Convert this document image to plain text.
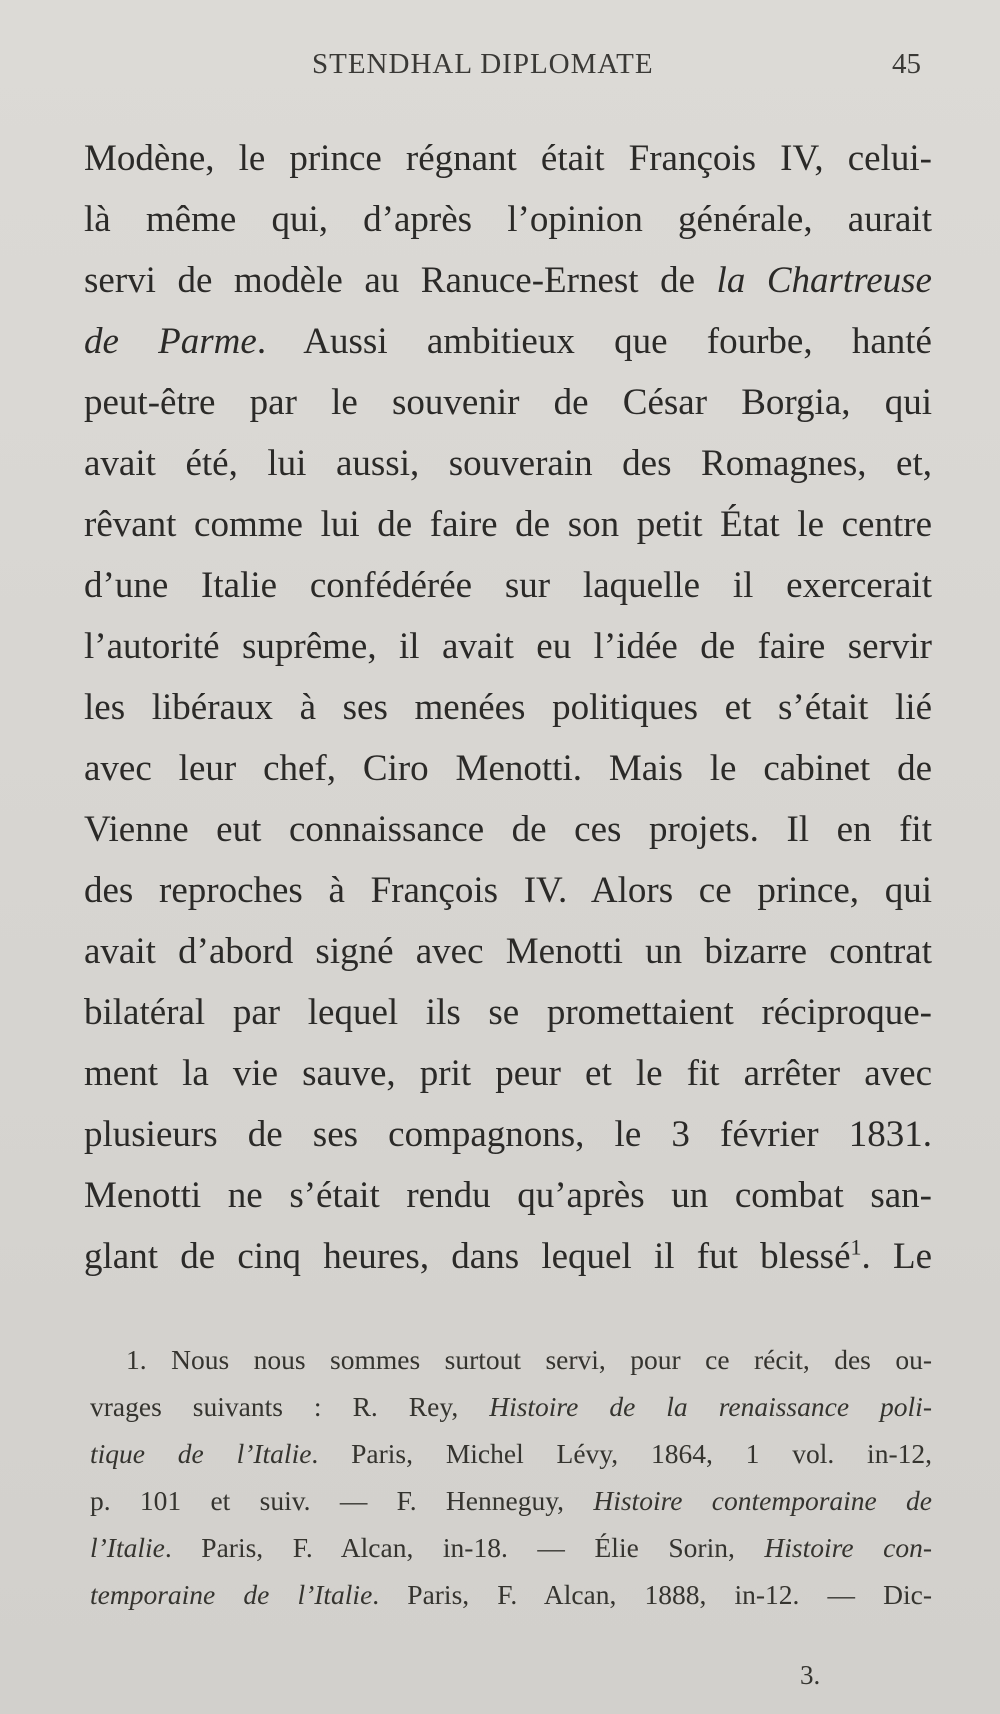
STENDHAL DIPLOMATE	45
Modène, le prince régnant était François IV, celui-
là même qui, d’après l’opinion générale, aurait
servi de modèle au Ranuce-Ernest de la Chartreuse
de Parme. Aussi ambitieux que fourbe, hanté
peut-être par le souvenir de César Borgia, qui
avait été, lui aussi, souverain des Romagnes, et,
rêvant comme lui de faire de son petit État le centre
d’une Italie confédérée sur laquelle il exercerait
l’autorité suprême, il avait eu l’idée de faire servir
les libéraux à ses menées politiques et s’était lié
avec leur chef, Ciro Menotti. Mais le cabinet de
Vienne eut connaissance de ces projets. Il en fit
des reproches à François IV. Alors ce prince, qui
avait d’abord signé avec Menotti un bizarre contrat
bilatéral par lequel ils se promettaient réciproque-
ment la vie sauve, prit peur et le fit arrêter avec
plusieurs de ses compagnons, le 3 février 1831.
Menotti ne s’était rendu qu’après un combat san-
glant de cinq heures, dans lequel il fut blessé$^1$. Le
1. Nous nous sommes surtout servi, pour ce récit, des ou-
vrages suivants : R. Rey, Histoire de la renaissance poli-
tique de l’Italie. Paris, Michel Lévy, 1864, 1 vol. in-12,
p. 101 et suiv. — F. Henneguy, Histoire contemporaine de
l’Italie. Paris, F. Alcan, in-18. — Élie Sorin, Histoire con-
temporaine de l’Italie. Paris, F. Alcan, 1888, in-12. — Dic-
3.
